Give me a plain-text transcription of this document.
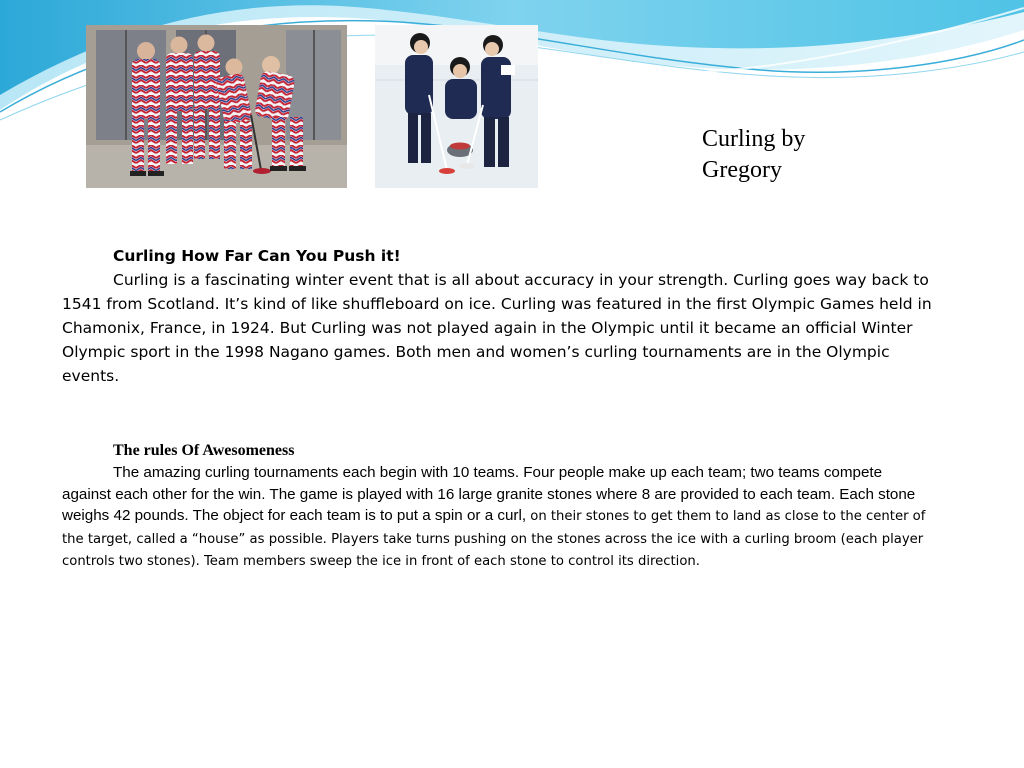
Curling by
Gregory
Curling How Far Can You Push it!

Curling is a fascinating winter event that is all about accuracy in your strength. Curling goes way back to 1541 from Scotland. It’s kind of like shuffleboard on ice. Curling was featured in the first Olympic Games held in Chamonix, France, in 1924. But Curling was not played again in the Olympic until it became an official Winter Olympic sport in the 1998 Nagano games. Both men and women’s curling tournaments are in the Olympic events.

The rules Of Awesomeness

The amazing curling tournaments each begin with 10 teams. Four people make up each team; two teams compete against each other for the win. The game is played with 16 large granite stones where 8 are provided to each team. Each stone weighs 42 pounds. The object for each team is to put a spin or a curl, on their stones to get them to land as close to the center of the target, called a “house” as possible. Players take turns pushing on the stones across the ice with a curling broom (each player controls two stones). Team members sweep the ice in front of each stone to control its direction.
